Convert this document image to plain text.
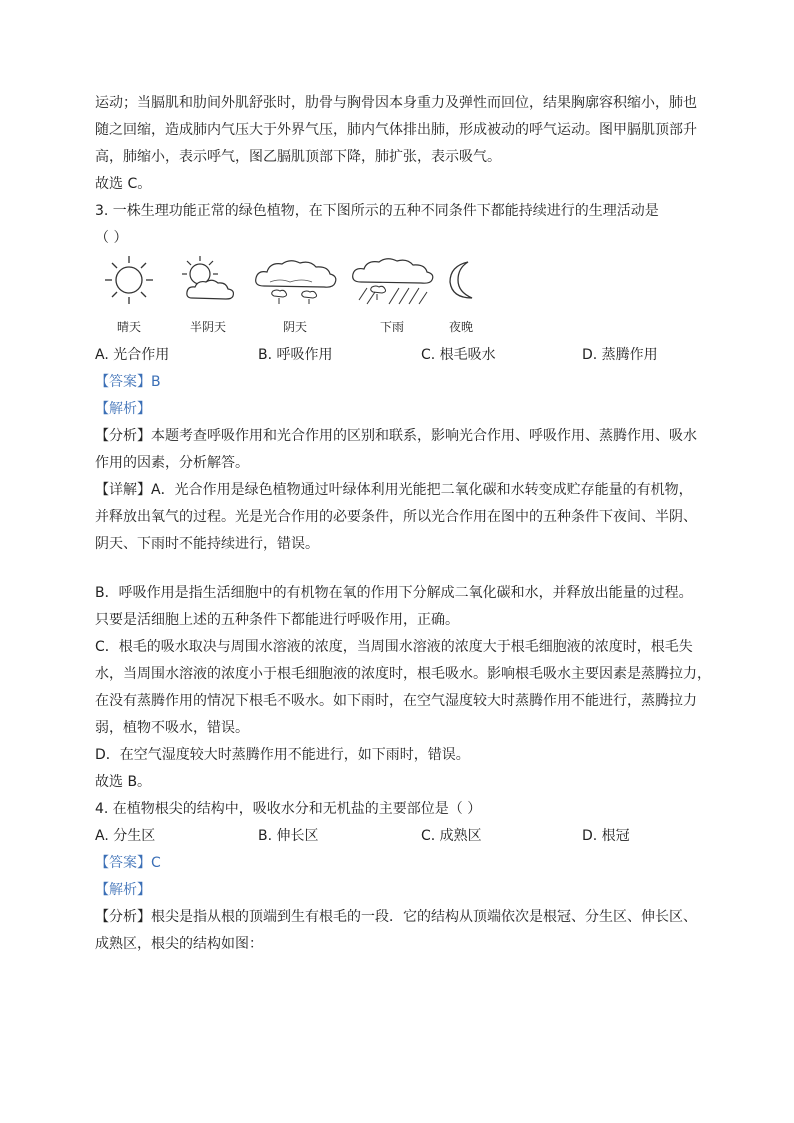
运动；当膈肌和肋间外肌舒张时，肋骨与胸骨因本身重力及弹性而回位，结果胸廓容积缩小，肺也

随之回缩，造成肺内气压大于外界气压，肺内气体排出肺，形成被动的呼气运动。图甲膈肌顶部升

高，肺缩小，表示呼气，图乙膈肌顶部下降，肺扩张，表示吸气。

故选 C。

3. 一株生理功能正常的绿色植物，在下图所示的五种不同条件下都能持续进行的生理活动是

（ ）

晴天	半阴天	阴天	下雨	夜晚
A. 光合作用	B. 呼吸作用	C. 根毛吸水	D. 蒸腾作用

【答案】B

【解析】

【分析】本题考查呼吸作用和光合作用的区别和联系，影响光合作用、呼吸作用、蒸腾作用、吸水

作用的因素，分析解答。

【详解】A．光合作用是绿色植物通过叶绿体利用光能把二氧化碳和水转变成贮存能量的有机物，

并释放出氧气的过程。光是光合作用的必要条件，所以光合作用在图中的五种条件下夜间、半阴、

阴天、下雨时不能持续进行，错误。

B．呼吸作用是指生活细胞中的有机物在氧的作用下分解成二氧化碳和水，并释放出能量的过程。

只要是活细胞上述的五种条件下都能进行呼吸作用，正确。

C．根毛的吸水取决与周围水溶液的浓度，当周围水溶液的浓度大于根毛细胞液的浓度时，根毛失

水，当周围水溶液的浓度小于根毛细胞液的浓度时，根毛吸水。影响根毛吸水主要因素是蒸腾拉力，

在没有蒸腾作用的情况下根毛不吸水。如下雨时，在空气湿度较大时蒸腾作用不能进行，蒸腾拉力

弱，植物不吸水，错误。

D．在空气湿度较大时蒸腾作用不能进行，如下雨时，错误。

故选 B。

4. 在植物根尖的结构中，吸收水分和无机盐的主要部位是（ ）

A. 分生区	B. 伸长区	C. 成熟区	D. 根冠

【答案】C

【解析】

【分析】根尖是指从根的顶端到生有根毛的一段．它的结构从顶端依次是根冠、分生区、伸长区、

成熟区，根尖的结构如图：
